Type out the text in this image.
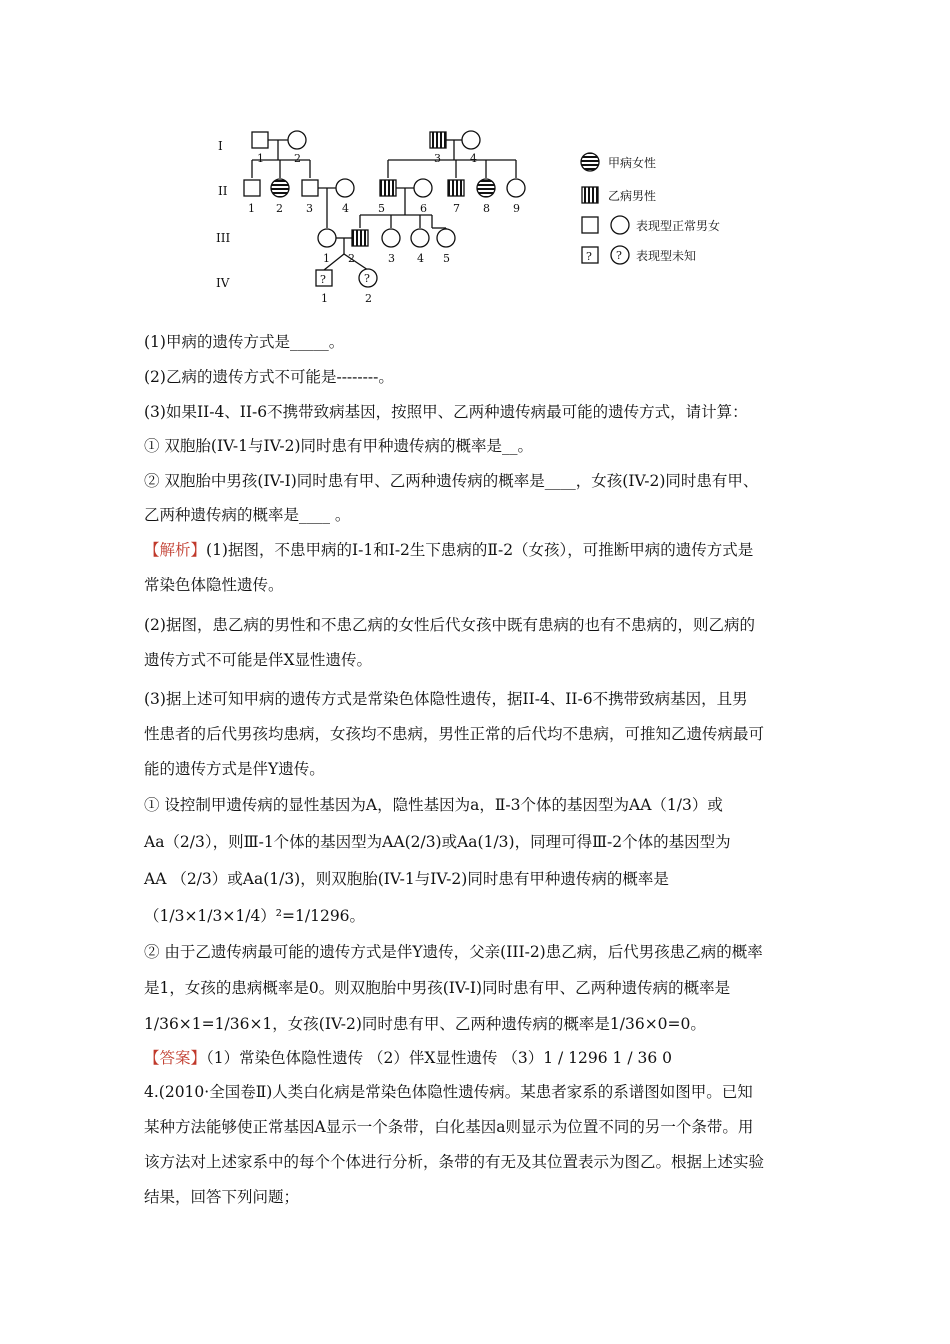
I
II
III
IV	?	?
1	2	3	4
1 2 3	4	5	6 7 8 9
1 2	3 4 5
1	2
甲病女性
乙病男性
表现型正常男女
? ? 表现型未知
(1)甲病的遗传方式是_____。
(2)乙病的遗传方式不可能是--------。
(3)如果II-4、II-6不携带致病基因，按照甲、乙两种遗传病最可能的遗传方式，请计算：
① 双胞胎(IV-1与IV-2)同时患有甲种遗传病的概率是__。
② 双胞胎中男孩(IV-I)同时患有甲、乙两种遗传病的概率是____，女孩(IV-2)同时患有甲、
乙两种遗传病的概率是____ 。
【解析】(1)据图，不患甲病的Ⅰ-1和Ⅰ-2生下患病的Ⅱ-2（女孩），可推断甲病的遗传方式是
常染色体隐性遗传。
(2)据图，患乙病的男性和不患乙病的女性后代女孩中既有患病的也有不患病的，则乙病的
遗传方式不可能是伴X显性遗传。
(3)据上述可知甲病的遗传方式是常染色体隐性遗传，据II-4、II-6不携带致病基因，且男
性患者的后代男孩均患病，女孩均不患病，男性正常的后代均不患病，可推知乙遗传病最可
能的遗传方式是伴Y遗传。
① 设控制甲遗传病的显性基因为A，隐性基因为a，Ⅱ-3个体的基因型为AA（1/3）或
Aa（2/3），则Ⅲ-1个体的基因型为AA(2/3)或Aa(1/3)，同理可得Ⅲ-2个体的基因型为
AA （2/3）或Aa(1/3)，则双胞胎(IV-1与IV-2)同时患有甲种遗传病的概率是
（1/3×1/3×1/4）²=1/1296。
② 由于乙遗传病最可能的遗传方式是伴Y遗传，父亲(III-2)患乙病，后代男孩患乙病的概率
是1，女孩的患病概率是0。则双胞胎中男孩(IV-I)同时患有甲、乙两种遗传病的概率是
1/36×1=1/36×1，女孩(IV-2)同时患有甲、乙两种遗传病的概率是1/36×0=0。
【答案】（1）常染色体隐性遗传 （2）伴X显性遗传 （3）1 / 1296 1 / 36 0
4.(2010·全国卷Ⅱ)人类白化病是常染色体隐性遗传病。某患者家系的系谱图如图甲。已知
某种方法能够使正常基因A显示一个条带，白化基因a则显示为位置不同的另一个条带。用
该方法对上述家系中的每个个体进行分析，条带的有无及其位置表示为图乙。根据上述实验
结果，回答下列问题；
